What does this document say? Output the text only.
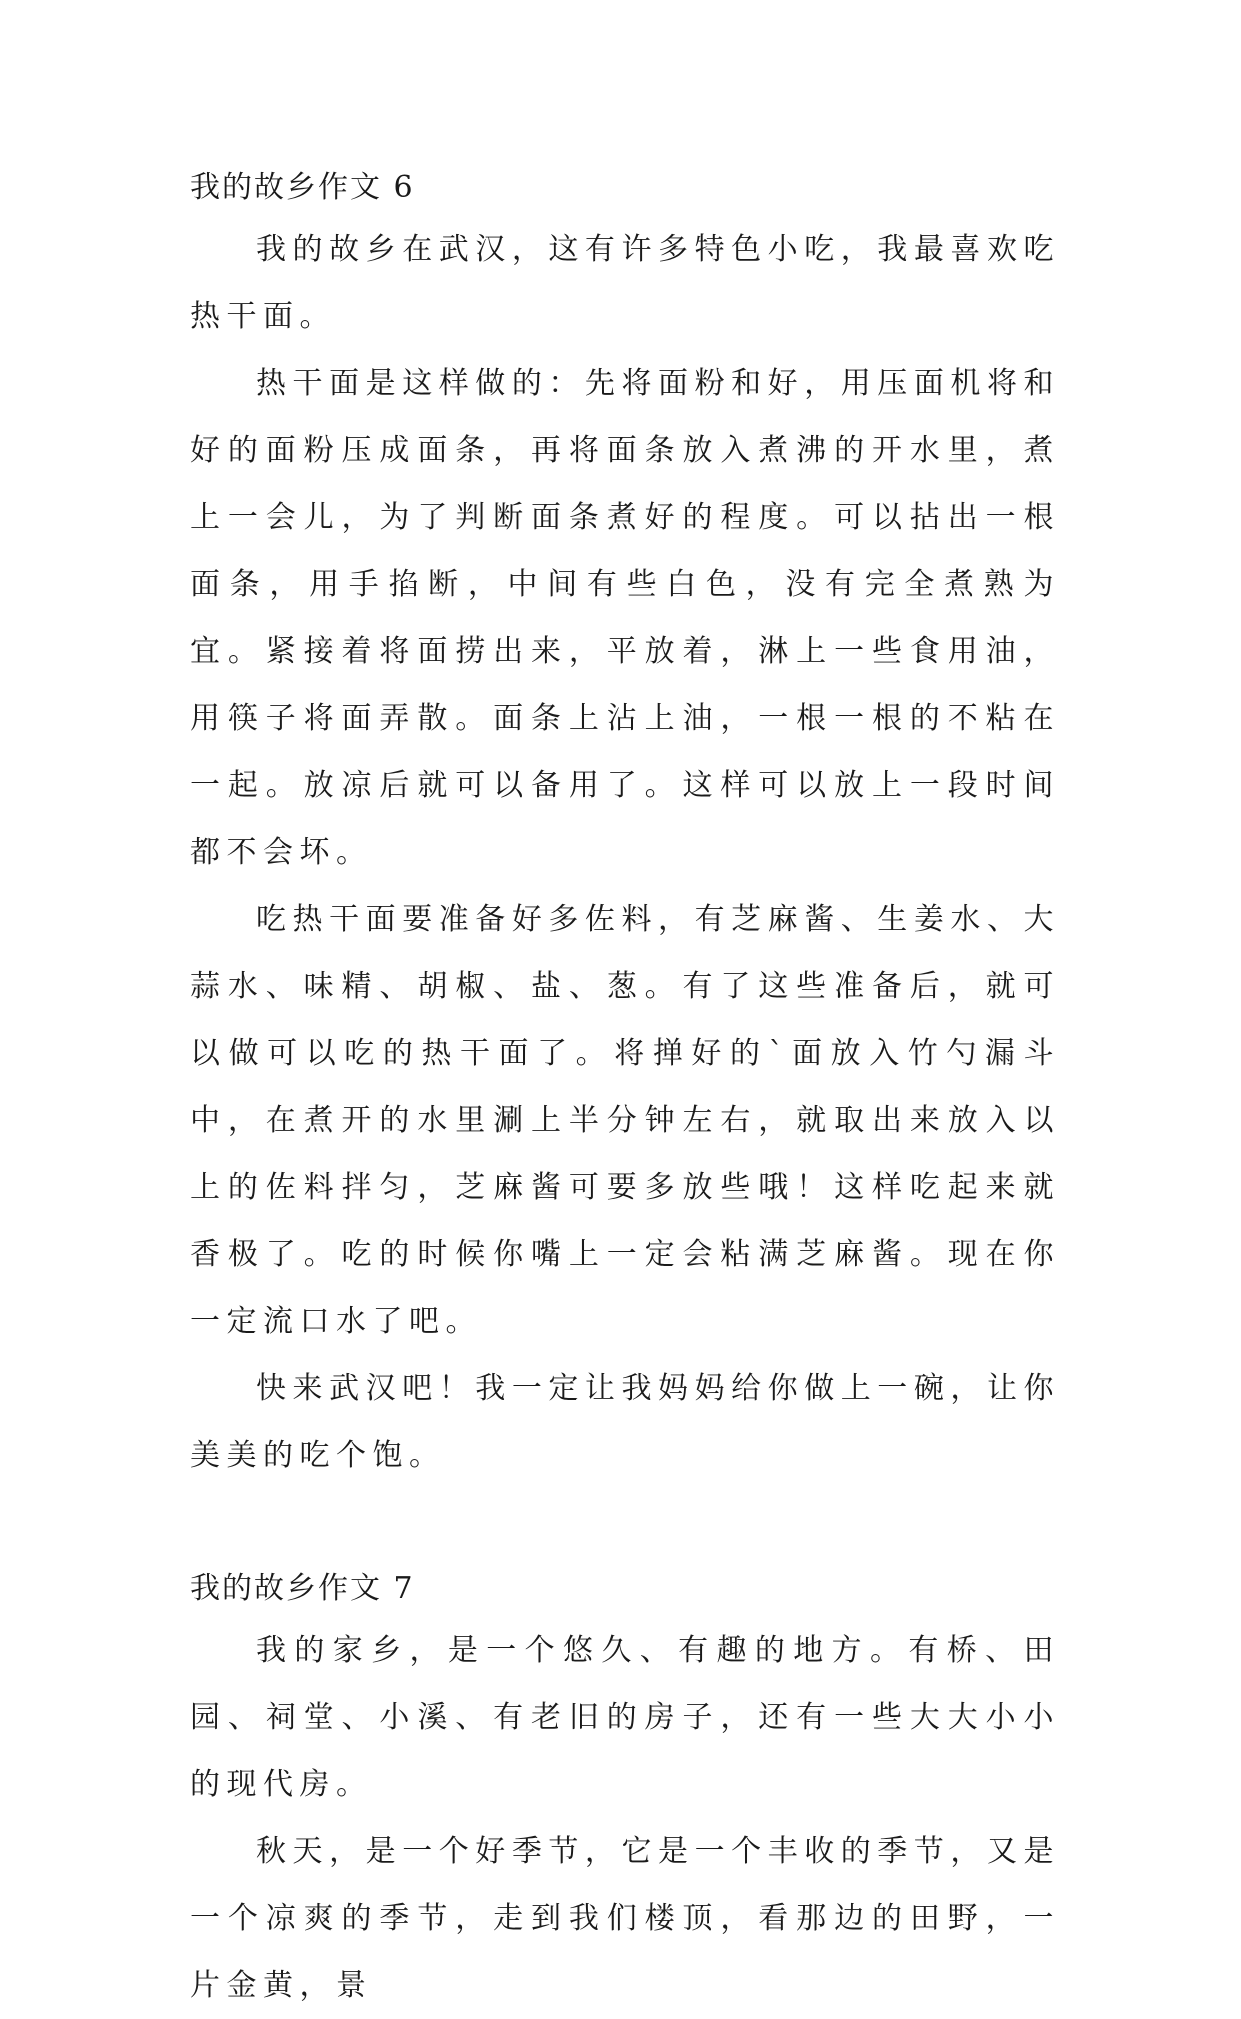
我的故乡作文 6

我的故乡在武汉，这有许多特色小吃，我最喜欢吃热干面。

热干面是这样做的：先将面粉和好，用压面机将和好的面粉压成面条，再将面条放入煮沸的开水里，煮上一会儿，为了判断面条煮好的程度。可以拈出一根面条，用手掐断，中间有些白色，没有完全煮熟为宜。紧接着将面捞出来，平放着，淋上一些食用油，用筷子将面弄散。面条上沾上油，一根一根的不粘在一起。放凉后就可以备用了。这样可以放上一段时间都不会坏。

吃热干面要准备好多佐料，有芝麻酱、生姜水、大蒜水、味精、胡椒、盐、葱。有了这些准备后，就可以做可以吃的热干面了。将掸好的`面放入竹勺漏斗中，在煮开的水里涮上半分钟左右，就取出来放入以上的佐料拌匀，芝麻酱可要多放些哦！这样吃起来就香极了。吃的时候你嘴上一定会粘满芝麻酱。现在你一定流口水了吧。

快来武汉吧！我一定让我妈妈给你做上一碗，让你美美的吃个饱。

我的故乡作文 7

我的家乡，是一个悠久、有趣的地方。有桥、田园、祠堂、小溪、有老旧的房子，还有一些大大小小的现代房。

秋天，是一个好季节，它是一个丰收的季节，又是一个凉爽的季节，走到我们楼顶，看那边的田野，一片金黄，景
